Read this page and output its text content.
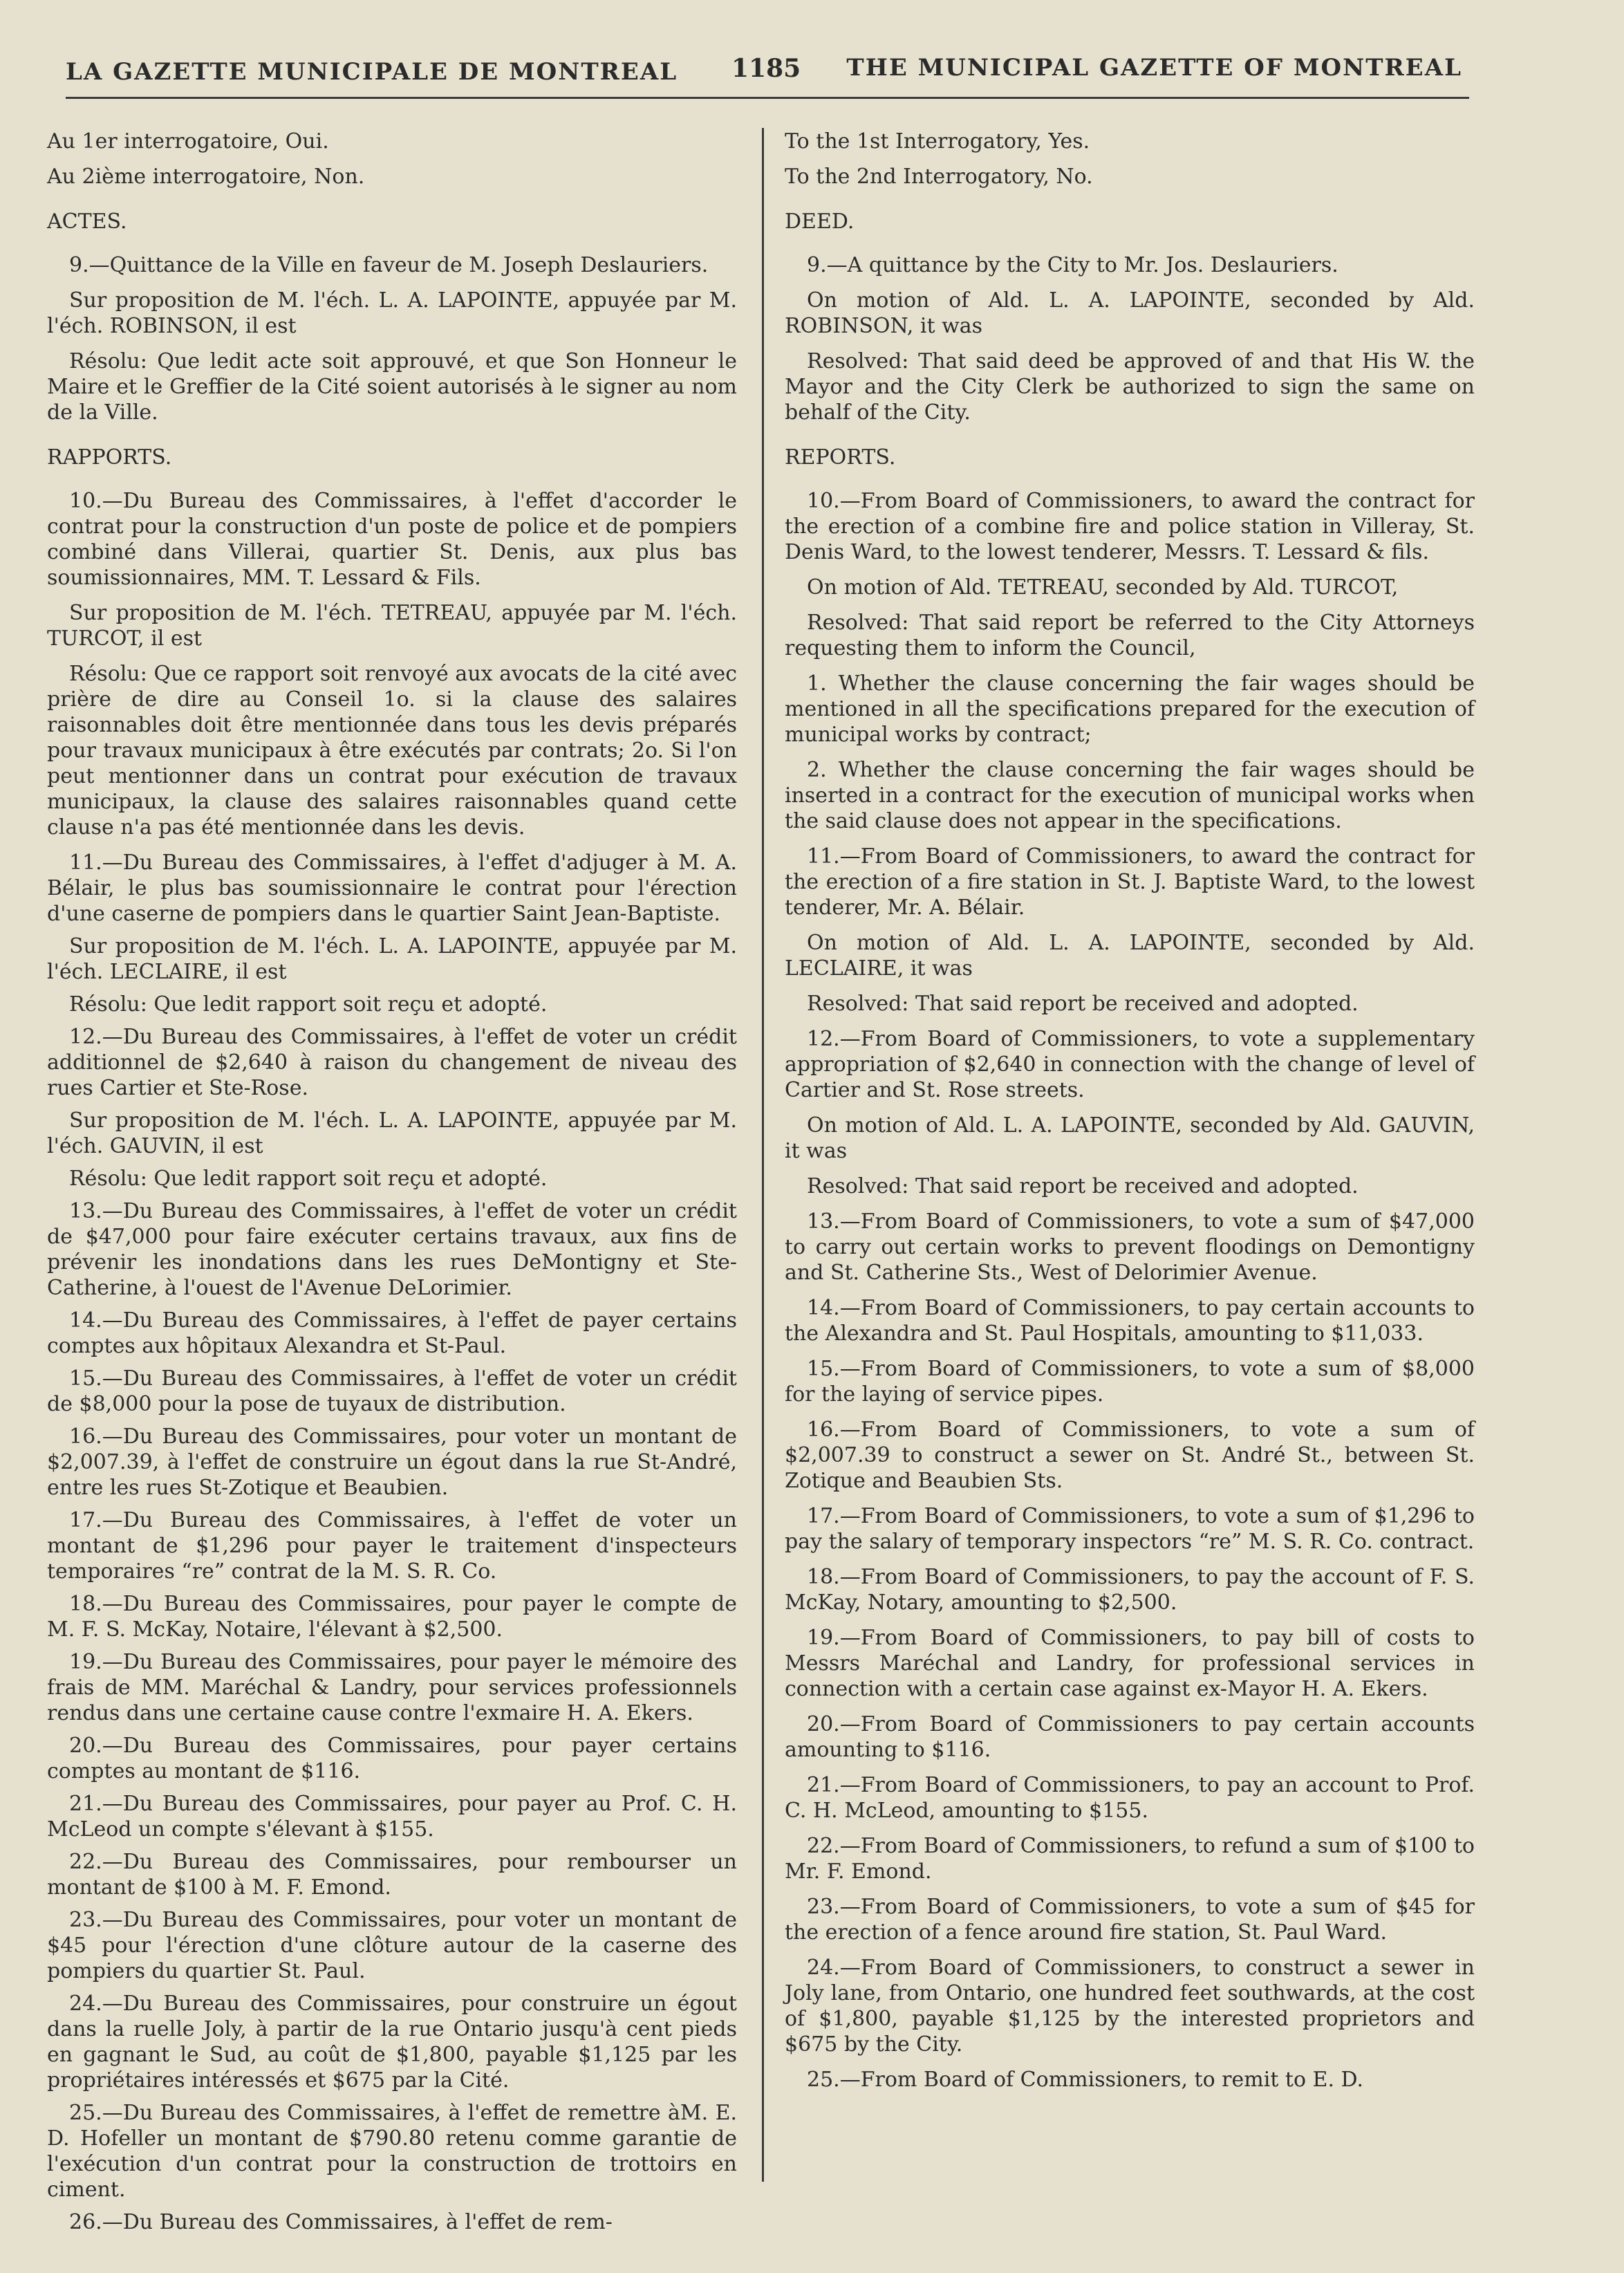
LA GAZETTE MUNICIPALE DE MONTREAL 1185 THE MUNICIPAL GAZETTE OF MONTREAL

Au 1er interrogatoire, Oui.

Au 2ième interrogatoire, Non.

ACTES.

9.—Quittance de la Ville en faveur de M. Joseph Deslauriers.

Sur proposition de M. l'éch. L. A. LAPOINTE, appuyée par M. l'éch. ROBINSON, il est

Résolu: Que ledit acte soit approuvé, et que Son Honneur le Maire et le Greffier de la Cité soient autorisés à le signer au nom de la Ville.

RAPPORTS.

10.—Du Bureau des Commissaires, à l'effet d'accorder le contrat pour la construction d'un poste de police et de pompiers combiné dans Villerai, quartier St. Denis, aux plus bas soumissionnaires, MM. T. Lessard & Fils.

Sur proposition de M. l'éch. TETREAU, appuyée par M. l'éch. TURCOT, il est

Résolu: Que ce rapport soit renvoyé aux avocats de la cité avec prière de dire au Conseil 1o. si la clause des salaires raisonnables doit être mentionnée dans tous les devis préparés pour travaux municipaux à être exécutés par contrats; 2o. Si l'on peut mentionner dans un contrat pour exécution de travaux municipaux, la clause des salaires raisonnables quand cette clause n'a pas été mentionnée dans les devis.

11.—Du Bureau des Commissaires, à l'effet d'adjuger à M. A. Bélair, le plus bas soumissionnaire le contrat pour l'érection d'une caserne de pompiers dans le quartier Saint Jean-Baptiste.

Sur proposition de M. l'éch. L. A. LAPOINTE, appuyée par M. l'éch. LECLAIRE, il est

Résolu: Que ledit rapport soit reçu et adopté.

12.—Du Bureau des Commissaires, à l'effet de voter un crédit additionnel de $2,640 à raison du changement de niveau des rues Cartier et Ste-Rose.

Sur proposition de M. l'éch. L. A. LAPOINTE, appuyée par M. l'éch. GAUVIN, il est

Résolu: Que ledit rapport soit reçu et adopté.

13.—Du Bureau des Commissaires, à l'effet de voter un crédit de $47,000 pour faire exécuter certains travaux, aux fins de prévenir les inondations dans les rues DeMontigny et Ste-Catherine, à l'ouest de l'Avenue DeLorimier.

14.—Du Bureau des Commissaires, à l'effet de payer certains comptes aux hôpitaux Alexandra et St-Paul.

15.—Du Bureau des Commissaires, à l'effet de voter un crédit de $8,000 pour la pose de tuyaux de distribution.

16.—Du Bureau des Commissaires, pour voter un montant de $2,007.39, à l'effet de construire un égout dans la rue St-André, entre les rues St-Zotique et Beaubien.

17.—Du Bureau des Commissaires, à l'effet de voter un montant de $1,296 pour payer le traitement d'inspecteurs temporaires “re” contrat de la M. S. R. Co.

18.—Du Bureau des Commissaires, pour payer le compte de M. F. S. McKay, Notaire, l'élevant à $2,500.

19.—Du Bureau des Commissaires, pour payer le mémoire des frais de MM. Maréchal & Landry, pour services professionnels rendus dans une certaine cause contre l'exmaire H. A. Ekers.

20.—Du Bureau des Commissaires, pour payer certains comptes au montant de $116.

21.—Du Bureau des Commissaires, pour payer au Prof. C. H. McLeod un compte s'élevant à $155.

22.—Du Bureau des Commissaires, pour rembourser un montant de $100 à M. F. Emond.

23.—Du Bureau des Commissaires, pour voter un montant de $45 pour l'érection d'une clôture autour de la caserne des pompiers du quartier St. Paul.

24.—Du Bureau des Commissaires, pour construire un égout dans la ruelle Joly, à partir de la rue Ontario jusqu'à cent pieds en gagnant le Sud, au coût de $1,800, payable $1,125 par les propriétaires intéressés et $675 par la Cité.

25.—Du Bureau des Commissaires, à l'effet de remettre àM. E. D. Hofeller un montant de $790.80 retenu comme garantie de l'exécution d'un contrat pour la construction de trottoirs en ciment.

26.—Du Bureau des Commissaires, à l'effet de rem-

To the 1st Interrogatory, Yes.

To the 2nd Interrogatory, No.

DEED.

9.—A quittance by the City to Mr. Jos. Deslauriers.

On motion of Ald. L. A. LAPOINTE, seconded by Ald. ROBINSON, it was

Resolved: That said deed be approved of and that His W. the Mayor and the City Clerk be authorized to sign the same on behalf of the City.

REPORTS.

10.—From Board of Commissioners, to award the contract for the erection of a combine fire and police station in Villeray, St. Denis Ward, to the lowest tenderer, Messrs. T. Lessard & fils.

On motion of Ald. TETREAU, seconded by Ald. TURCOT,

Resolved: That said report be referred to the City Attorneys requesting them to inform the Council,

1. Whether the clause concerning the fair wages should be mentioned in all the specifications prepared for the execution of municipal works by contract;

2. Whether the clause concerning the fair wages should be inserted in a contract for the execution of municipal works when the said clause does not appear in the specifications.

11.—From Board of Commissioners, to award the contract for the erection of a fire station in St. J. Baptiste Ward, to the lowest tenderer, Mr. A. Bélair.

On motion of Ald. L. A. LAPOINTE, seconded by Ald. LECLAIRE, it was

Resolved: That said report be received and adopted.

12.—From Board of Commissioners, to vote a supplementary appropriation of $2,640 in connection with the change of level of Cartier and St. Rose streets.

On motion of Ald. L. A. LAPOINTE, seconded by Ald. GAUVIN, it was

Resolved: That said report be received and adopted.

13.—From Board of Commissioners, to vote a sum of $47,000 to carry out certain works to prevent floodings on Demontigny and St. Catherine Sts., West of Delorimier Avenue.

14.—From Board of Commissioners, to pay certain accounts to the Alexandra and St. Paul Hospitals, amounting to $11,033.

15.—From Board of Commissioners, to vote a sum of $8,000 for the laying of service pipes.

16.—From Board of Commissioners, to vote a sum of $2,007.39 to construct a sewer on St. André St., between St. Zotique and Beaubien Sts.

17.—From Board of Commissioners, to vote a sum of $1,296 to pay the salary of temporary inspectors “re” M. S. R. Co. contract.

18.—From Board of Commissioners, to pay the account of F. S. McKay, Notary, amounting to $2,500.

19.—From Board of Commissioners, to pay bill of costs to Messrs Maréchal and Landry, for professional services in connection with a certain case against ex-Mayor H. A. Ekers.

20.—From Board of Commissioners to pay certain accounts amounting to $116.

21.—From Board of Commissioners, to pay an account to Prof. C. H. McLeod, amounting to $155.

22.—From Board of Commissioners, to refund a sum of $100 to Mr. F. Emond.

23.—From Board of Commissioners, to vote a sum of $45 for the erection of a fence around fire station, St. Paul Ward.

24.—From Board of Commissioners, to construct a sewer in Joly lane, from Ontario, one hundred feet southwards, at the cost of $1,800, payable $1,125 by the interested proprietors and $675 by the City.

25.—From Board of Commissioners, to remit to E. D.
